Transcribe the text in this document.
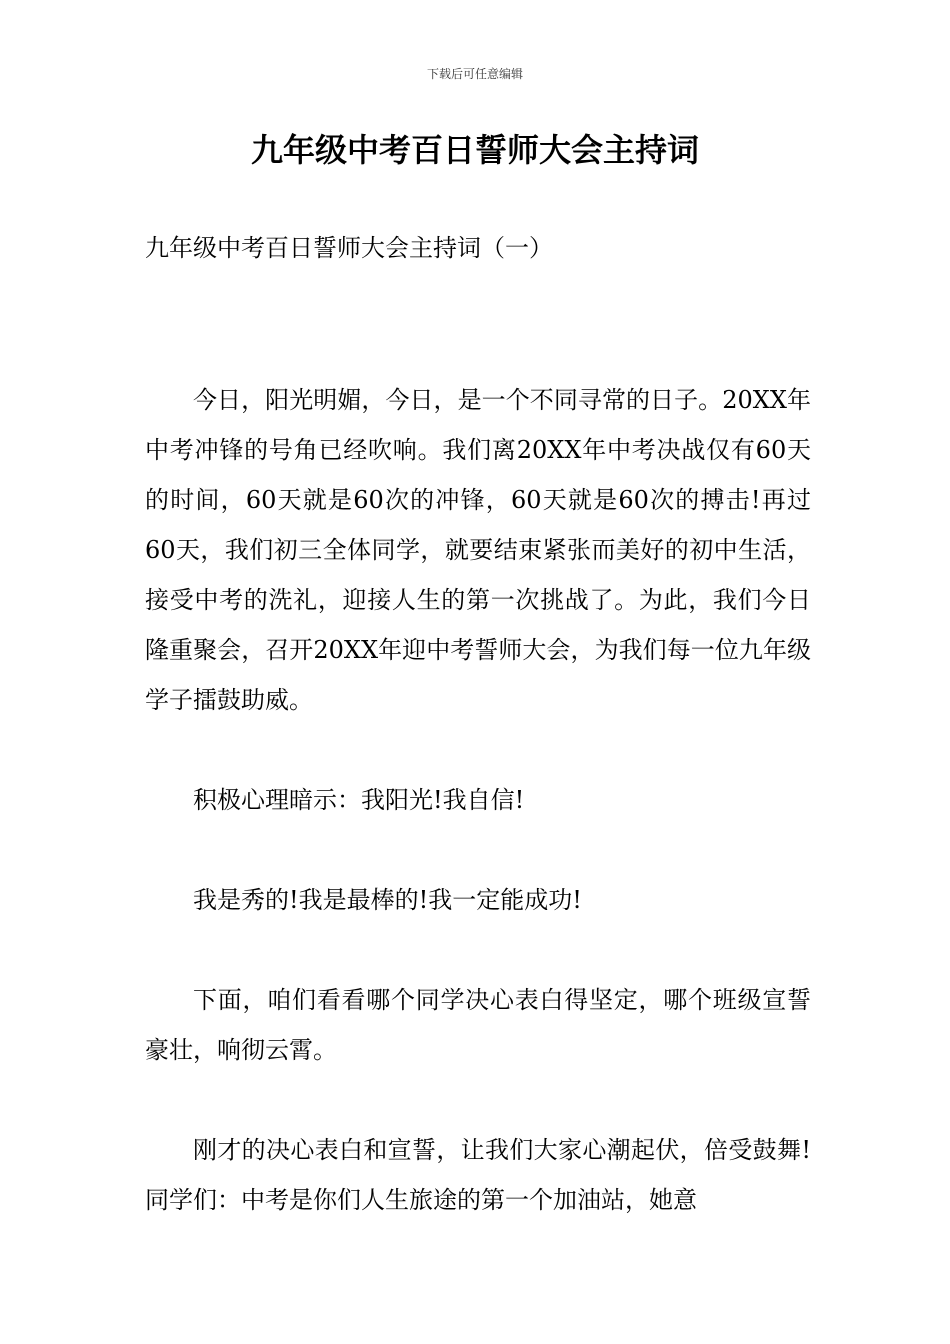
下载后可任意编辑
九年级中考百日誓师大会主持词

九年级中考百日誓师大会主持词（一）

今日，阳光明媚，今日，是一个不同寻常的日子。20XX年中考冲锋的号角已经吹响。我们离20XX年中考决战仅有60天的时间，60天就是60次的冲锋，60天就是60次的搏击!再过60天，我们初三全体同学，就要结束紧张而美好的初中生活，接受中考的洗礼，迎接人生的第一次挑战了。为此，我们今日隆重聚会，召开20XX年迎中考誓师大会，为我们每一位九年级学子擂鼓助威。

积极心理暗示：我阳光!我自信!

我是秀的!我是最棒的!我一定能成功!

下面，咱们看看哪个同学决心表白得坚定，哪个班级宣誓豪壮，响彻云霄。

刚才的决心表白和宣誓，让我们大家心潮起伏，倍受鼓舞!同学们：中考是你们人生旅途的第一个加油站，她意
